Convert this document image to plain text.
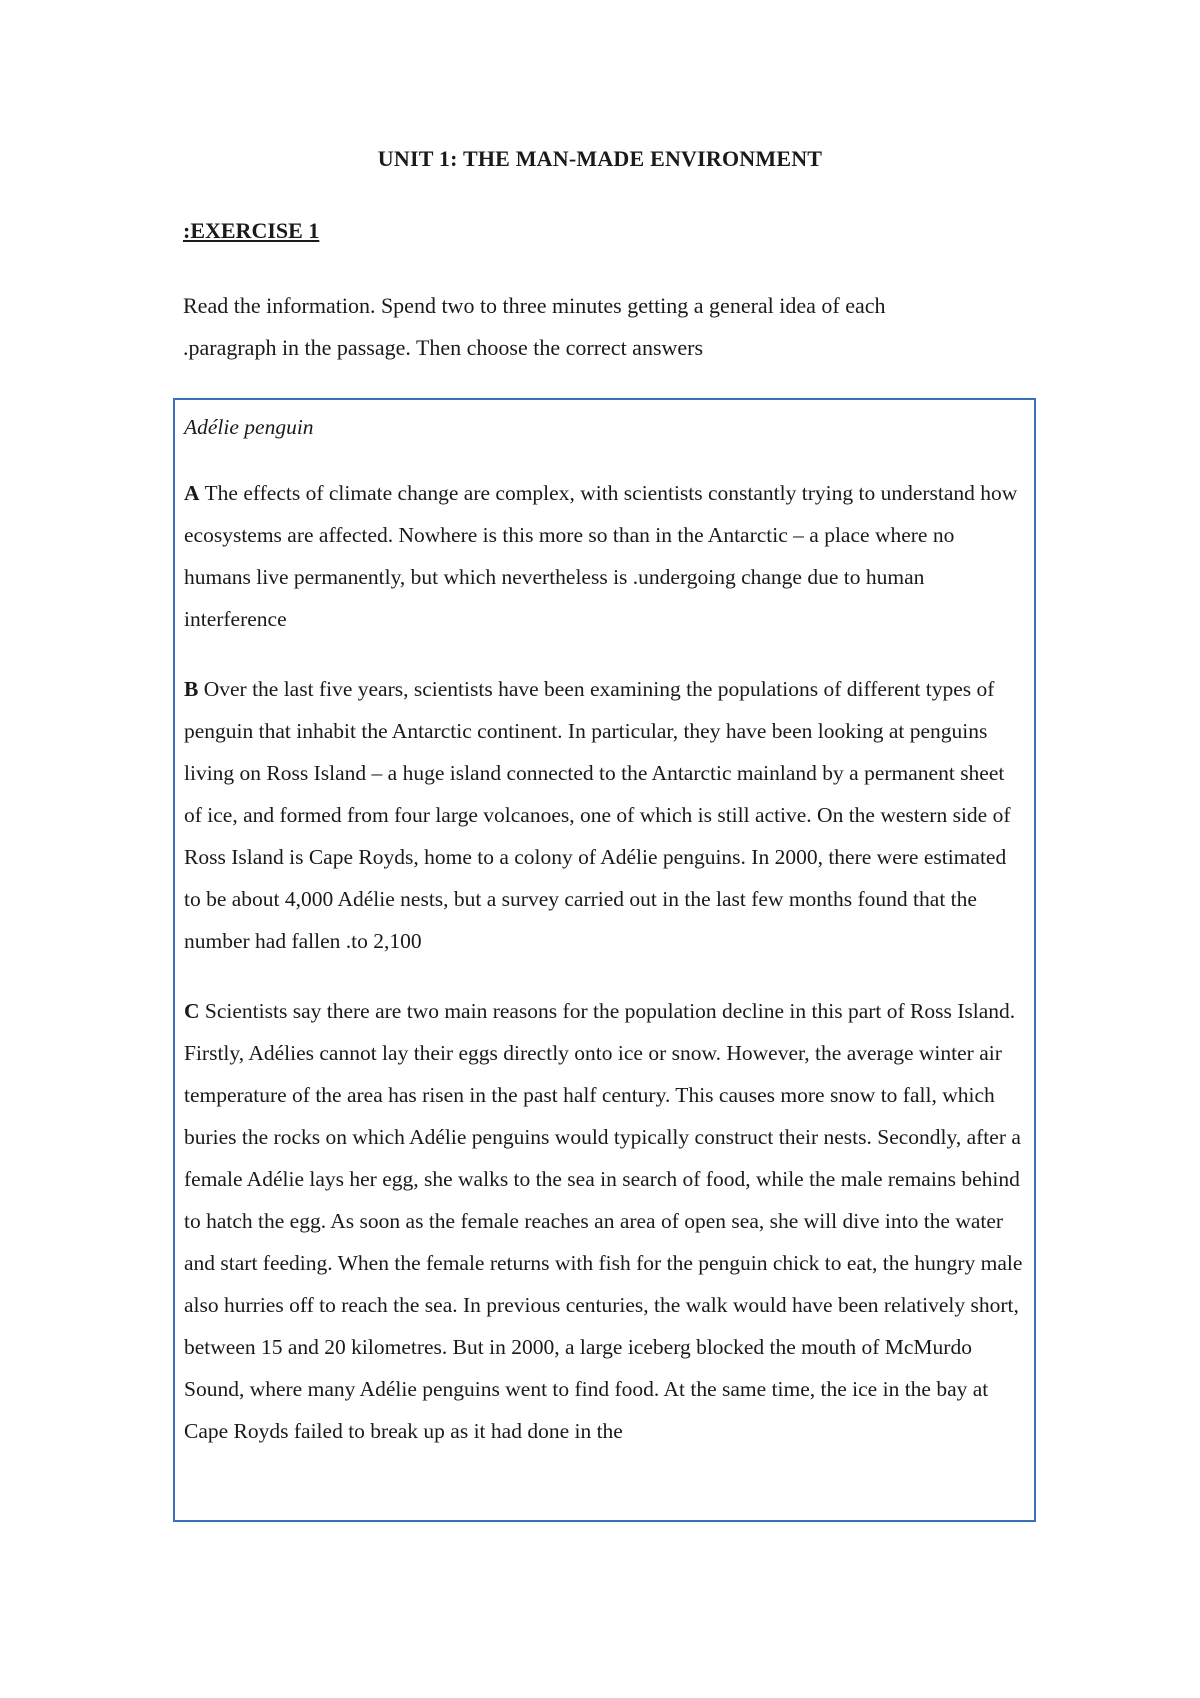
UNIT 1: THE MAN-MADE ENVIRONMENT
:EXERCISE 1

Read the information. Spend two to three minutes getting a general idea of each

.paragraph in the passage. Then choose the correct answers

Adélie penguin

A The effects of climate change are complex, with scientists constantly trying to understand how ecosystems are affected. Nowhere is this more so than in the Antarctic – a place where no humans live permanently, but which nevertheless is .undergoing change due to human interference

B Over the last five years, scientists have been examining the populations of different types of penguin that inhabit the Antarctic continent. In particular, they have been looking at penguins living on Ross Island – a huge island connected to the Antarctic mainland by a permanent sheet of ice, and formed from four large volcanoes, one of which is still active. On the western side of Ross Island is Cape Royds, home to a colony of Adélie penguins. In 2000, there were estimated to be about 4,000 Adélie nests, but a survey carried out in the last few months found that the number had fallen .to 2,100

C Scientists say there are two main reasons for the population decline in this part of Ross Island. Firstly, Adélies cannot lay their eggs directly onto ice or snow. However, the average winter air temperature of the area has risen in the past half century. This causes more snow to fall, which buries the rocks on which Adélie penguins would typically construct their nests. Secondly, after a female Adélie lays her egg, she walks to the sea in search of food, while the male remains behind to hatch the egg. As soon as the female reaches an area of open sea, she will dive into the water and start feeding. When the female returns with fish for the penguin chick to eat, the hungry male also hurries off to reach the sea. In previous centuries, the walk would have been relatively short, between 15 and 20 kilometres. But in 2000, a large iceberg blocked the mouth of McMurdo Sound, where many Adélie penguins went to find food. At the same time, the ice in the bay at Cape Royds failed to break up as it had done in the
